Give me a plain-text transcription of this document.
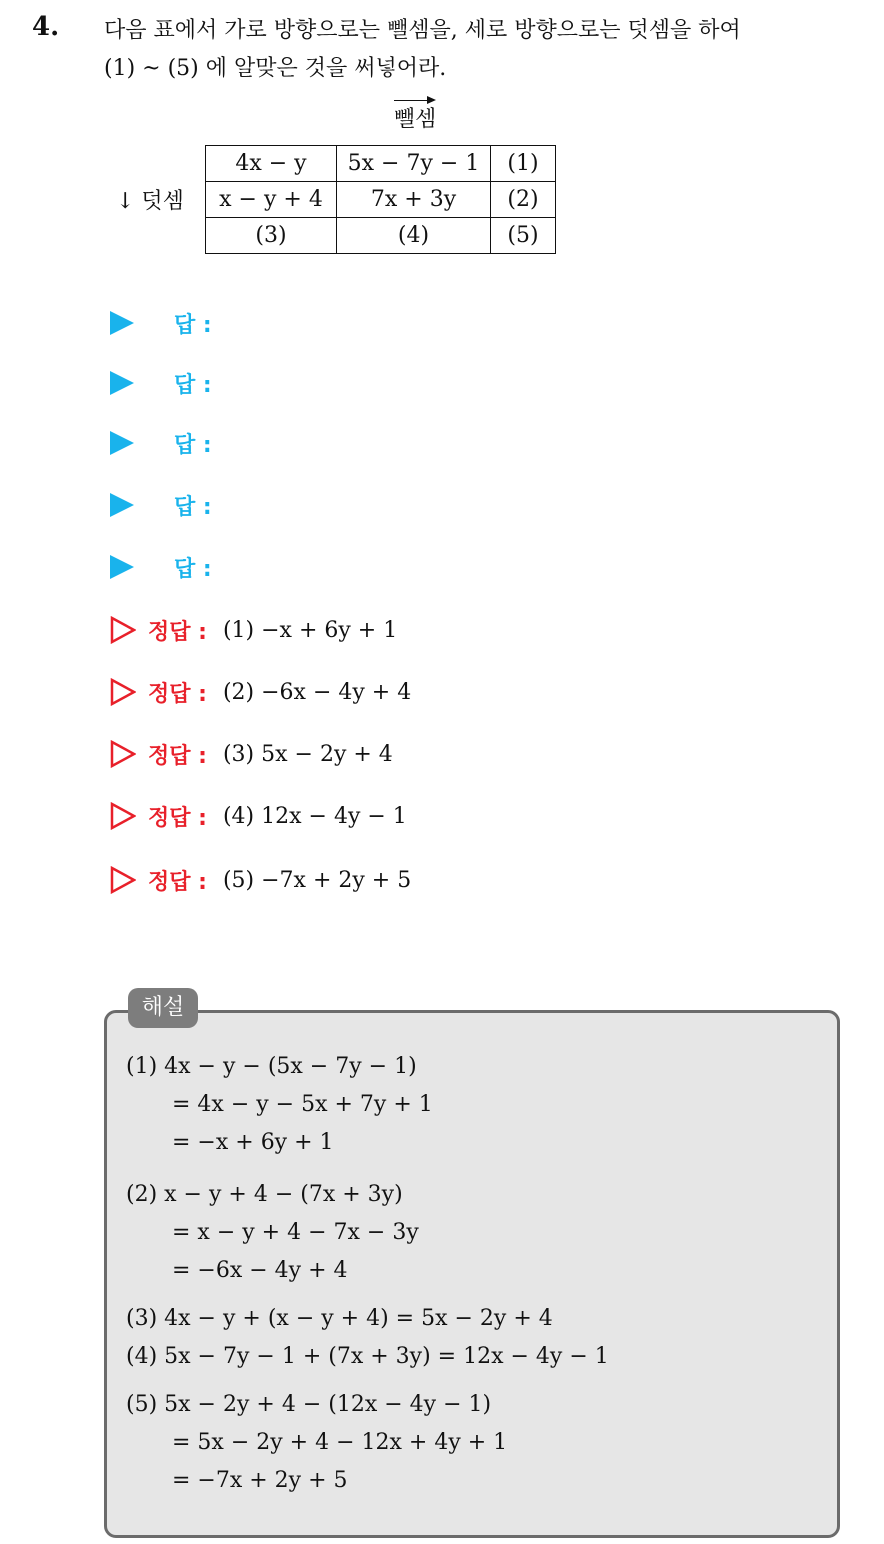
4. 다음 표에서 가로 방향으로는 뺄셈을, 세로 방향으로는 덧셈을 하여
(1) ~ (5) 에 알맞은 것을 써넣어라.
뺄셈
↓ 덧셈
4x − y	5x − 7y − 1	(1)
x − y + 4	7x + 3y	(2)
(3)	(4)	(5)
답 :
답 :
답 :
답 :
답 :
정답 : (1) −x + 6y + 1
정답 : (2) −6x − 4y + 4
정답 : (3) 5x − 2y + 4
정답 : (4) 12x − 4y − 1
정답 : (5) −7x + 2y + 5
해설
(1) 4x − y − (5x − 7y − 1)
= 4x − y − 5x + 7y + 1
= −x + 6y + 1
(2) x − y + 4 − (7x + 3y)
= x − y + 4 − 7x − 3y
= −6x − 4y + 4
(3) 4x − y + (x − y + 4) = 5x − 2y + 4
(4) 5x − 7y − 1 + (7x + 3y) = 12x − 4y − 1
(5) 5x − 2y + 4 − (12x − 4y − 1)
= 5x − 2y + 4 − 12x + 4y + 1
= −7x + 2y + 5
